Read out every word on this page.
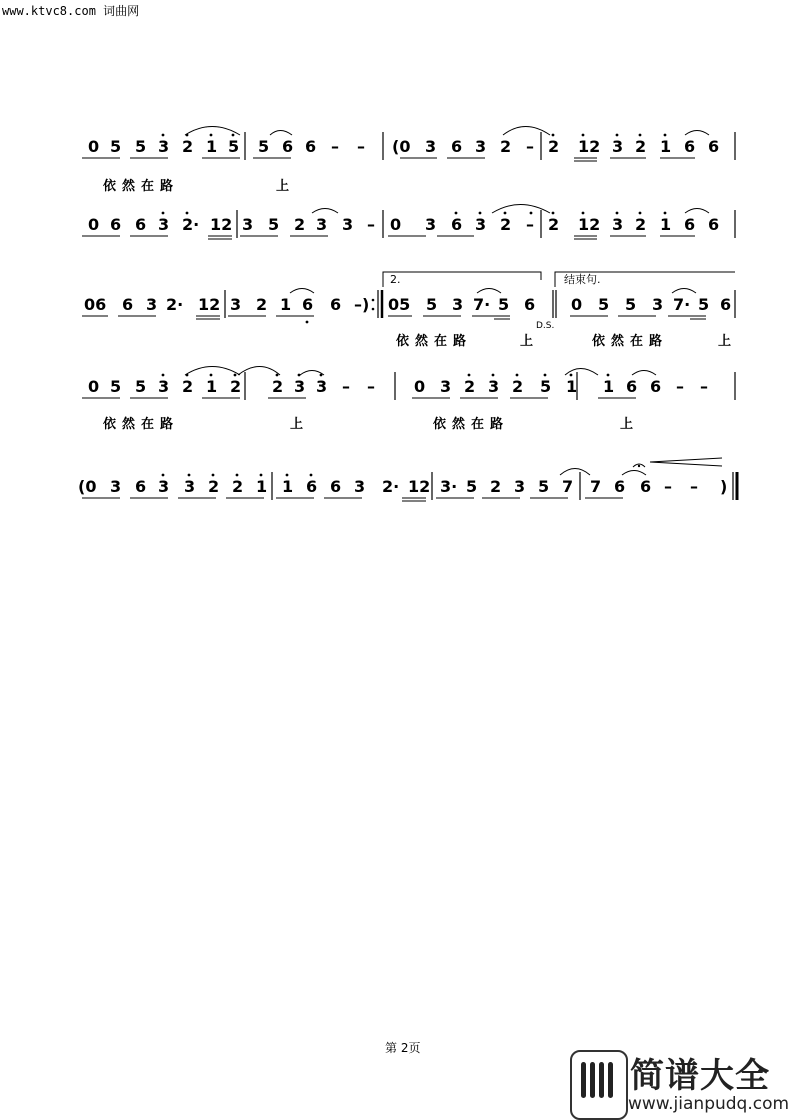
www.ktvc8.com 词曲网
0 5 5 3 2 1 5 5 6 6 – – (0 3 6 3 2 – 2 12 3 2 1 6 6
依然在路	上
0 6 6 3 2· 12 3 5 2 3 3 – 0 3 6 3 2 – 2 12 3 2 1 6 6
06 6 3 2· 12 3 2 1 6 6 –) 05 5 3 7· 5 6 0 5 5 3 7· 5 6
依然在路	上	依然在路	上
2.	结束句.
D.S.
0 5 5 3 2 1 2 2 3 3 – – 0 3 2 3 2 5 1 1 6 6 – –
依然在路	上	依然在路	上
(0 3 6 3 3 2 2 1 1 6 6 3 2· 12 3· 5 2 3 5 7 7 6 6 – – )
第 2页
简谱大全
www.jianpudq.com
